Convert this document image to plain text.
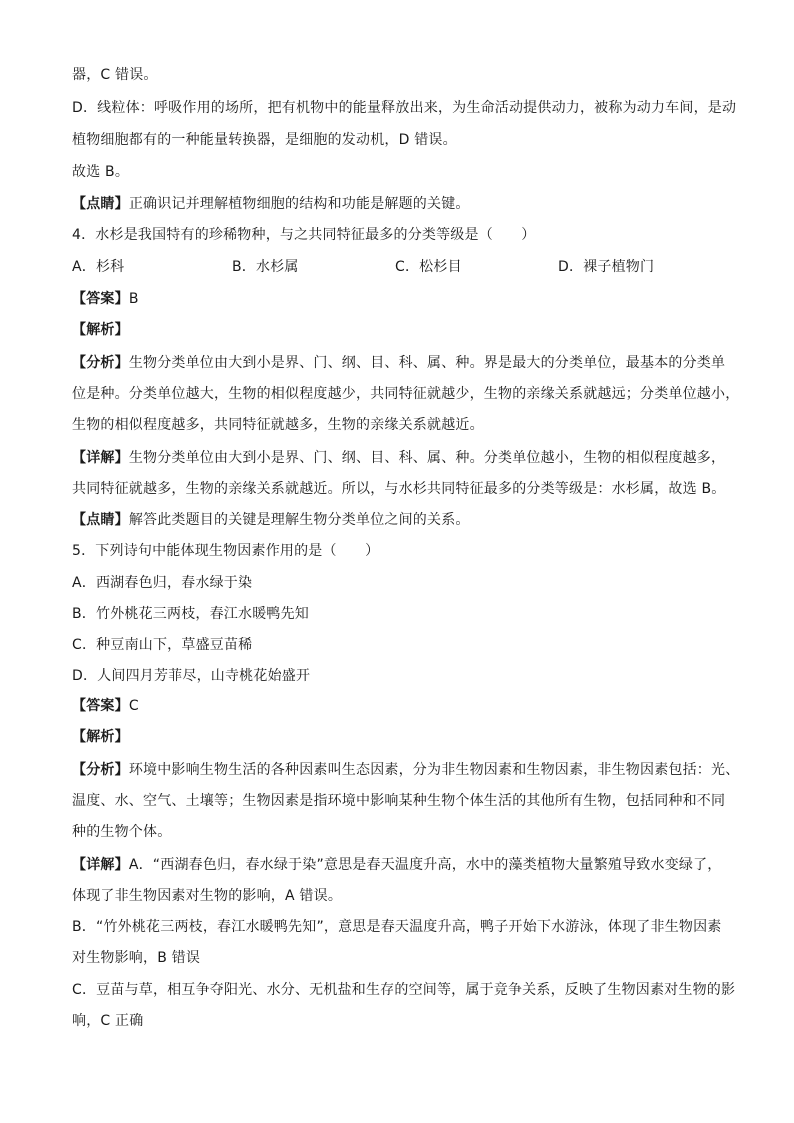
器，C 错误。
D．线粒体：呼吸作用的场所，把有机物中的能量释放出来，为生命活动提供动力，被称为动力车间，是动
植物细胞都有的一种能量转换器，是细胞的发动机，D 错误。
故选 B。
【点睛】正确识记并理解植物细胞的结构和功能是解题的关键。
4．水杉是我国特有的珍稀物种，与之共同特征最多的分类等级是（　　）
A．杉科	B．水杉属	C．松杉目	D．裸子植物门
【答案】B
【解析】
【分析】生物分类单位由大到小是界、门、纲、目、科、属、种。界是最大的分类单位，最基本的分类单
位是种。分类单位越大，生物的相似程度越少，共同特征就越少，生物的亲缘关系就越远；分类单位越小，
生物的相似程度越多，共同特征就越多，生物的亲缘关系就越近。
【详解】生物分类单位由大到小是界、门、纲、目、科、属、种。分类单位越小，生物的相似程度越多，
共同特征就越多，生物的亲缘关系就越近。所以，与水杉共同特征最多的分类等级是：水杉属，故选 B。
【点睛】解答此类题目的关键是理解生物分类单位之间的关系。
5．下列诗句中能体现生物因素作用的是（　　）
A．西湖春色归，春水绿于染
B．竹外桃花三两枝，春江水暖鸭先知
C．种豆南山下，草盛豆苗稀
D．人间四月芳菲尽，山寺桃花始盛开
【答案】C
【解析】
【分析】环境中影响生物生活的各种因素叫生态因素，分为非生物因素和生物因素，非生物因素包括：光、
温度、水、空气、土壤等；生物因素是指环境中影响某种生物个体生活的其他所有生物，包括同种和不同
种的生物个体。
【详解】A．“西湖春色归，春水绿于染”意思是春天温度升高，水中的藻类植物大量繁殖导致水变绿了，
体现了非生物因素对生物的影响，A 错误。
B．“竹外桃花三两枝，春江水暖鸭先知”，意思是春天温度升高，鸭子开始下水游泳，体现了非生物因素
对生物影响，B 错误
C．豆苗与草，相互争夺阳光、水分、无机盐和生存的空间等，属于竞争关系，反映了生物因素对生物的影
响，C 正确
